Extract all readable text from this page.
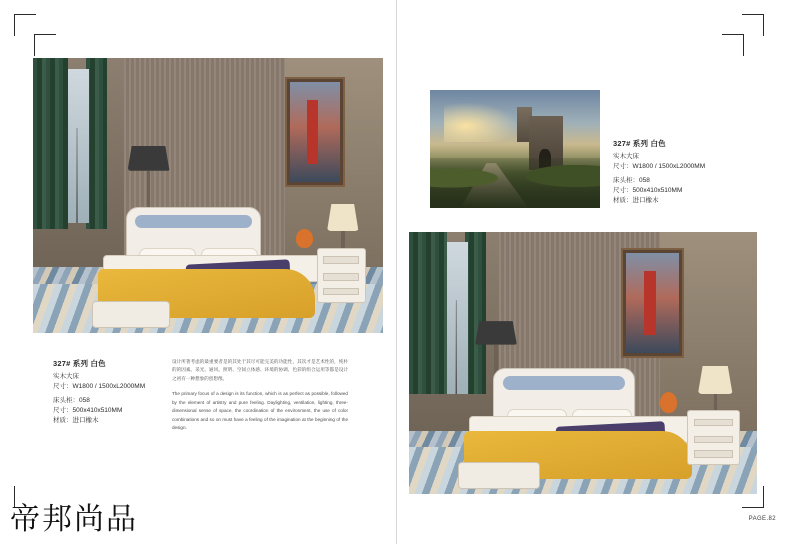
327# 系列 白色
实木大床
尺寸：W1800 / 1500xL2000MM
床头柜：058
尺寸：500x410x510MM
材质：进口橡木

设计所著考虑的最重要者是的其处于其尽可能完美的功能性，其次才是艺术性的，纯朴的的因素。采光、通风、照明、空间立体感、环境的协调、色彩的组合运用等都是设计之初有一种想象的创想像。

The primary focus of a design is its function, which is as perfect as possible, followed by the element of artistry and pure feeling. Daylighting, ventilation, lighting, three-dimensional sense of space, the coordination of the environment, the use of color combinations and so on must have a feeling of the imagination at the beginning of the design.

帝邦尚品
327# 系列 白色
实木大床
尺寸：W1800 / 1500xL2000MM
床头柜：058
尺寸：500x410x510MM
材质：进口橡木
PAGE.82
